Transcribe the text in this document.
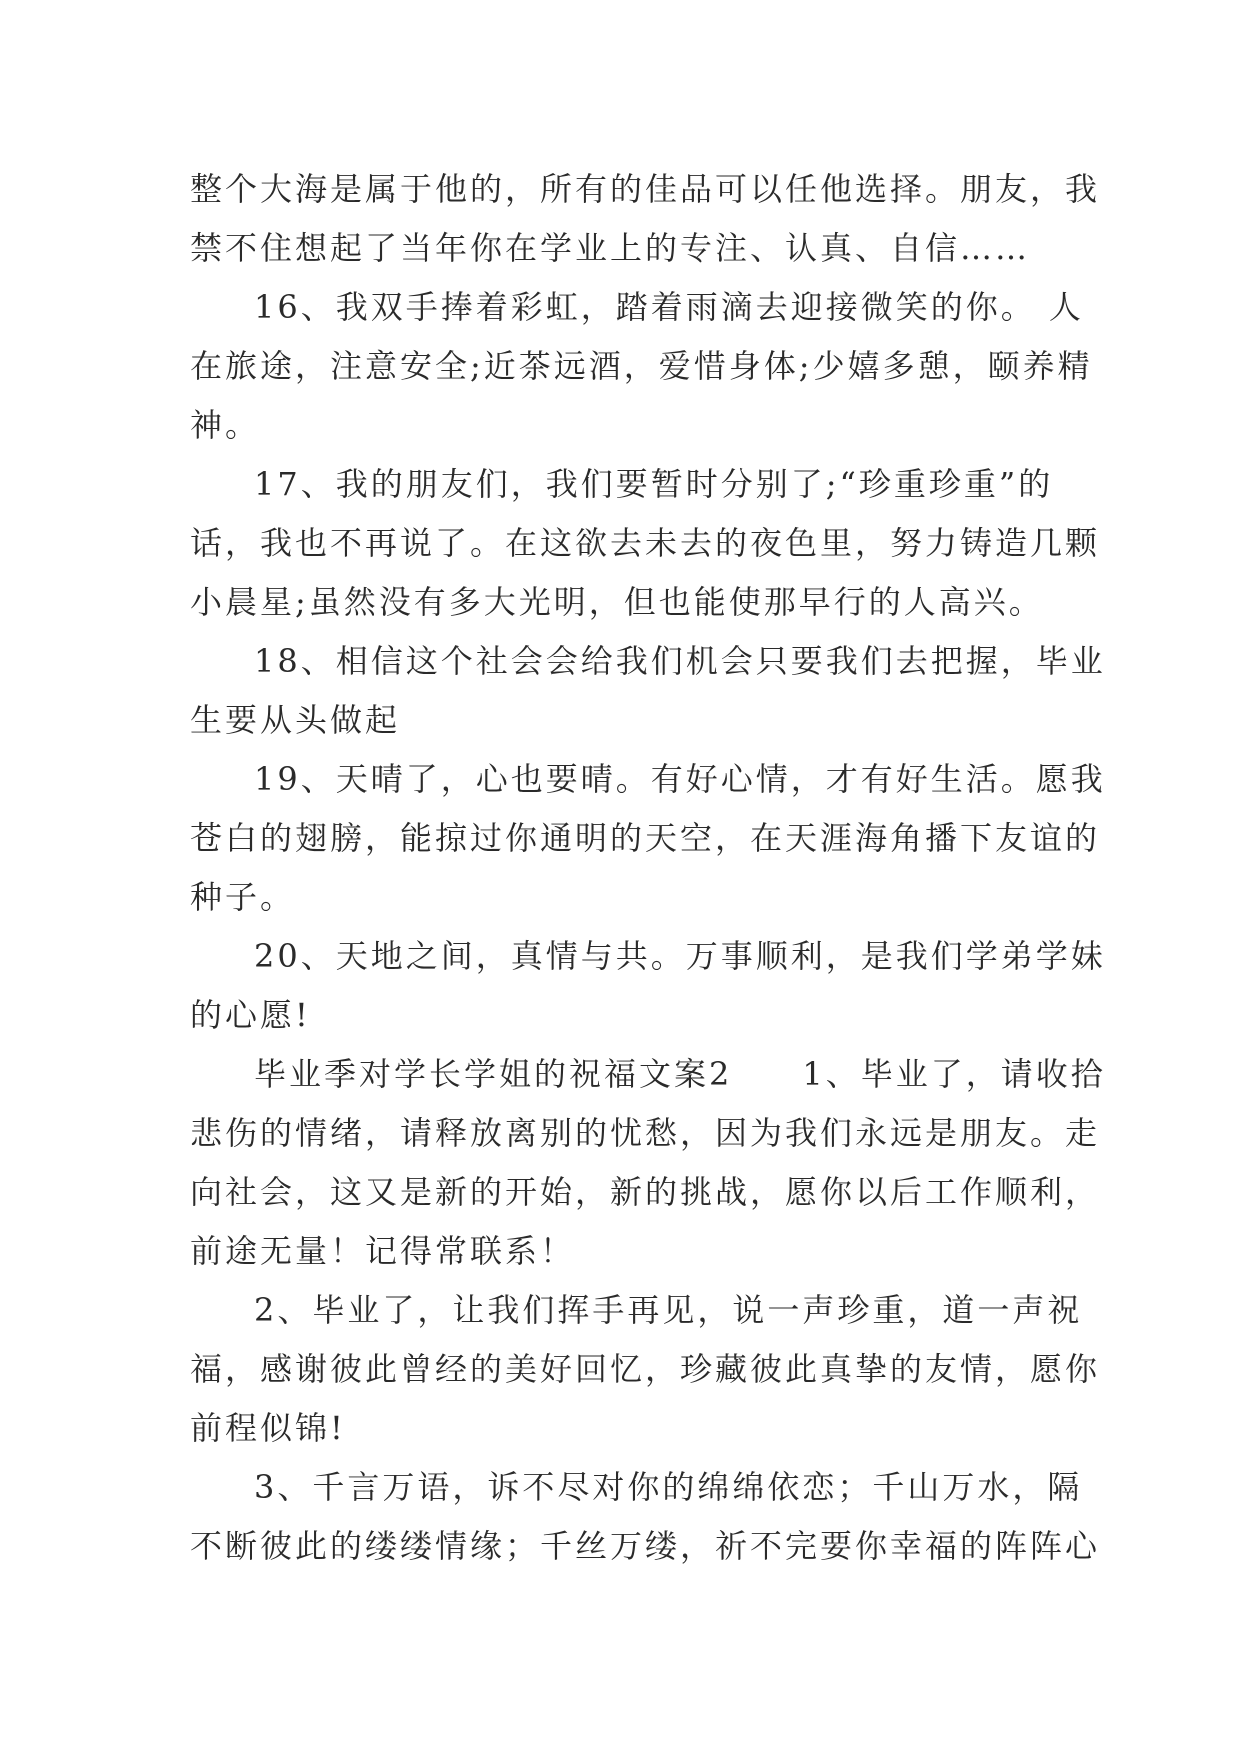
整个大海是属于他的，所有的佳品可以任他选择。朋友，我
禁不住想起了当年你在学业上的专注、认真、自信……
16、我双手捧着彩虹，踏着雨滴去迎接微笑的你。 人
在旅途，注意安全;近茶远酒，爱惜身体;少嬉多憩，颐养精
神。
17、我的朋友们，我们要暂时分别了;“珍重珍重”的
话，我也不再说了。在这欲去未去的夜色里，努力铸造几颗
小晨星;虽然没有多大光明，但也能使那早行的人高兴。
18、相信这个社会会给我们机会只要我们去把握，毕业
生要从头做起
19、天晴了，心也要晴。有好心情，才有好生活。愿我
苍白的翅膀，能掠过你通明的天空，在天涯海角播下友谊的
种子。
20、天地之间，真情与共。万事顺利，是我们学弟学妹
的心愿!
毕业季对学长学姐的祝福文案2　　1、毕业了，请收拾
悲伤的情绪，请释放离别的忧愁，因为我们永远是朋友。走
向社会，这又是新的开始，新的挑战，愿你以后工作顺利，
前途无量！记得常联系！
2、毕业了，让我们挥手再见，说一声珍重，道一声祝
福，感谢彼此曾经的美好回忆，珍藏彼此真挚的友情，愿你
前程似锦!
3、千言万语，诉不尽对你的绵绵依恋；千山万水，隔
不断彼此的缕缕情缘；千丝万缕，祈不完要你幸福的阵阵心
